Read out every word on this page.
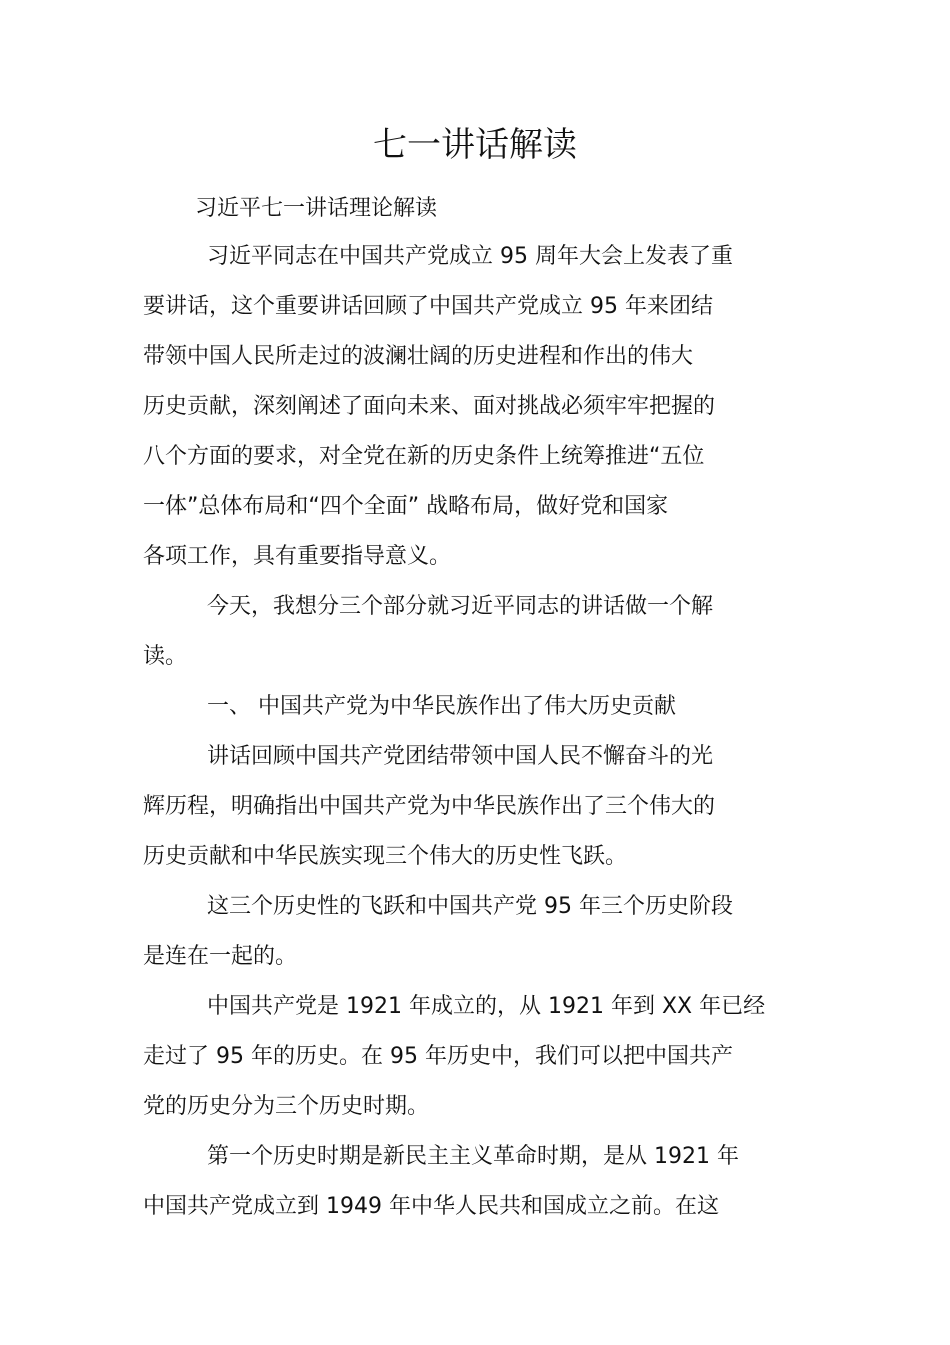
七一讲话解读
习近平七一讲话理论解读
习近平同志在中国共产党成立 95 周年大会上发表了重
要讲话，这个重要讲话回顾了中国共产党成立 95 年来团结
带领中国人民所走过的波澜壮阔的历史进程和作出的伟大
历史贡献，深刻阐述了面向未来、面对挑战必须牢牢把握的
八个方面的要求，对全党在新的历史条件上统筹推进“五位
一体”总体布局和“四个全面” 战略布局，做好党和国家
各项工作，具有重要指导意义。
今天，我想分三个部分就习近平同志的讲话做一个解
读。
一、 中国共产党为中华民族作出了伟大历史贡献
讲话回顾中国共产党团结带领中国人民不懈奋斗的光
辉历程，明确指出中国共产党为中华民族作出了三个伟大的
历史贡献和中华民族实现三个伟大的历史性飞跃。
这三个历史性的飞跃和中国共产党 95 年三个历史阶段
是连在一起的。
中国共产党是 1921 年成立的，从 1921 年到 XX 年已经
走过了 95 年的历史。在 95 年历史中，我们可以把中国共产
党的历史分为三个历史时期。
第一个历史时期是新民主主义革命时期，是从 1921 年
中国共产党成立到 1949 年中华人民共和国成立之前。在这
